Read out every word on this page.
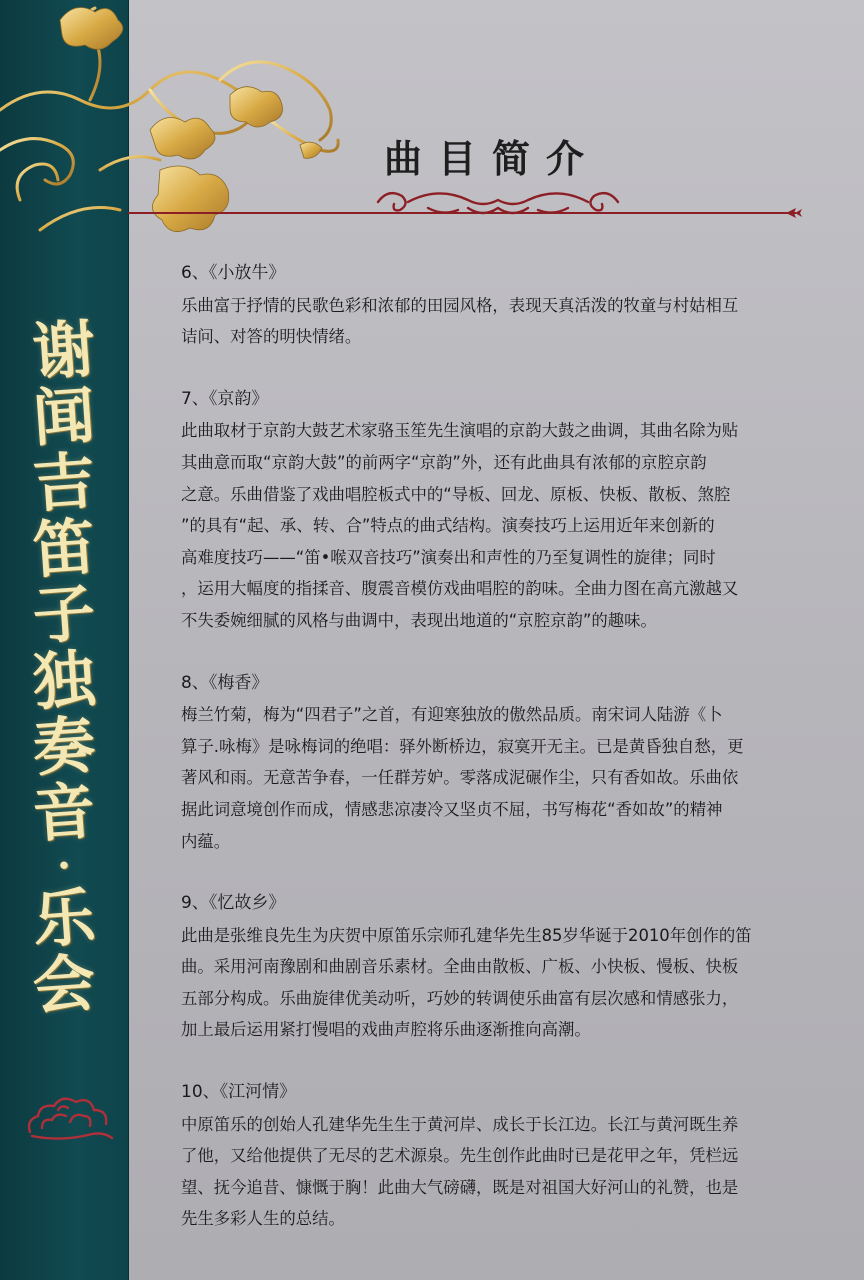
谢
闻
吉
笛
子
独
奏
音
·
乐
会
曲目简介
6、《小放牛》
乐曲富于抒情的民歌色彩和浓郁的田园风格，表现天真活泼的牧童与村姑相互
诘问、对答的明快情绪。
7、《京韵》
此曲取材于京韵大鼓艺术家骆玉笙先生演唱的京韵大鼓之曲调，其曲名除为贴
其曲意而取“京韵大鼓”的前两字“京韵”外，还有此曲具有浓郁的京腔京韵
之意。乐曲借鉴了戏曲唱腔板式中的“导板、回龙、原板、快板、散板、煞腔
”的具有“起、承、转、合”特点的曲式结构。演奏技巧上运用近年来创新的
高难度技巧——“笛•喉双音技巧”演奏出和声性的乃至复调性的旋律；同时
，运用大幅度的指揉音、腹震音模仿戏曲唱腔的韵味。全曲力图在高亢激越又
不失委婉细腻的风格与曲调中，表现出地道的“京腔京韵”的趣味。
8、《梅香》
梅兰竹菊，梅为“四君子”之首，有迎寒独放的傲然品质。南宋词人陆游《卜
算子.咏梅》是咏梅词的绝唱：驿外断桥边，寂寞开无主。已是黄昏独自愁，更
著风和雨。无意苦争春，一任群芳妒。零落成泥碾作尘，只有香如故。乐曲依
据此词意境创作而成，情感悲凉凄冷又坚贞不屈，书写梅花“香如故”的精神
内蕴。
9、《忆故乡》
此曲是张维良先生为庆贺中原笛乐宗师孔建华先生85岁华诞于2010年创作的笛
曲。采用河南豫剧和曲剧音乐素材。全曲由散板、广板、小快板、慢板、快板
五部分构成。乐曲旋律优美动听，巧妙的转调使乐曲富有层次感和情感张力，
加上最后运用紧打慢唱的戏曲声腔将乐曲逐渐推向高潮。
10、《江河情》
中原笛乐的创始人孔建华先生生于黄河岸、成长于长江边。长江与黄河既生养
了他，又给他提供了无尽的艺术源泉。先生创作此曲时已是花甲之年，凭栏远
望、抚今追昔、慷慨于胸！此曲大气磅礴，既是对祖国大好河山的礼赞，也是
先生多彩人生的总结。
